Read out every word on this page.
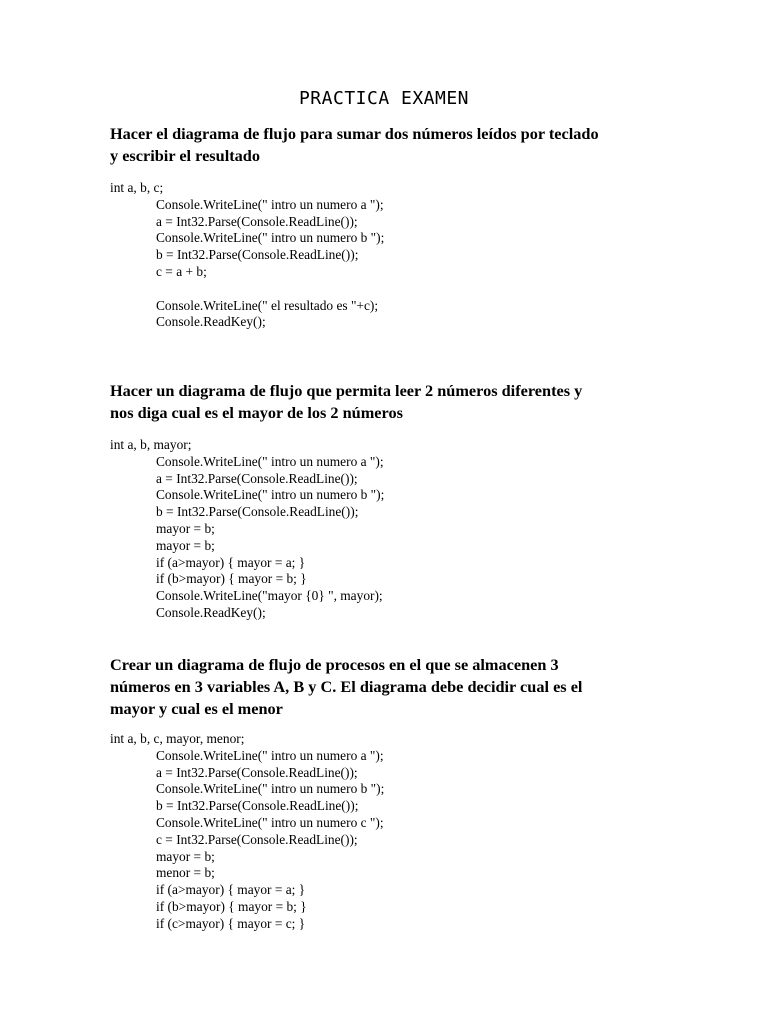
PRACTICA EXAMEN
Hacer el diagrama de flujo para sumar dos números leídos por teclado
y escribir el resultado
int a, b, c;
Console.WriteLine(" intro un numero a ");
a = Int32.Parse(Console.ReadLine());
Console.WriteLine(" intro un numero b ");
b = Int32.Parse(Console.ReadLine());
c = a + b;
Console.WriteLine(" el resultado es "+c);
Console.ReadKey();
Hacer un diagrama de flujo que permita leer 2 números diferentes y
nos diga cual es el mayor de los 2 números
int a, b, mayor;
Console.WriteLine(" intro un numero a ");
a = Int32.Parse(Console.ReadLine());
Console.WriteLine(" intro un numero b ");
b = Int32.Parse(Console.ReadLine());
mayor = b;
mayor = b;
if (a>mayor) { mayor = a; }
if (b>mayor) { mayor = b; }
Console.WriteLine("mayor {0} ", mayor);
Console.ReadKey();
Crear un diagrama de flujo de procesos en el que se almacenen 3
números en 3 variables A, B y C. El diagrama debe decidir cual es el
mayor y cual es el menor
int a, b, c, mayor, menor;
Console.WriteLine(" intro un numero a ");
a = Int32.Parse(Console.ReadLine());
Console.WriteLine(" intro un numero b ");
b = Int32.Parse(Console.ReadLine());
Console.WriteLine(" intro un numero c ");
c = Int32.Parse(Console.ReadLine());
mayor = b;
menor = b;
if (a>mayor) { mayor = a; }
if (b>mayor) { mayor = b; }
if (c>mayor) { mayor = c; }
